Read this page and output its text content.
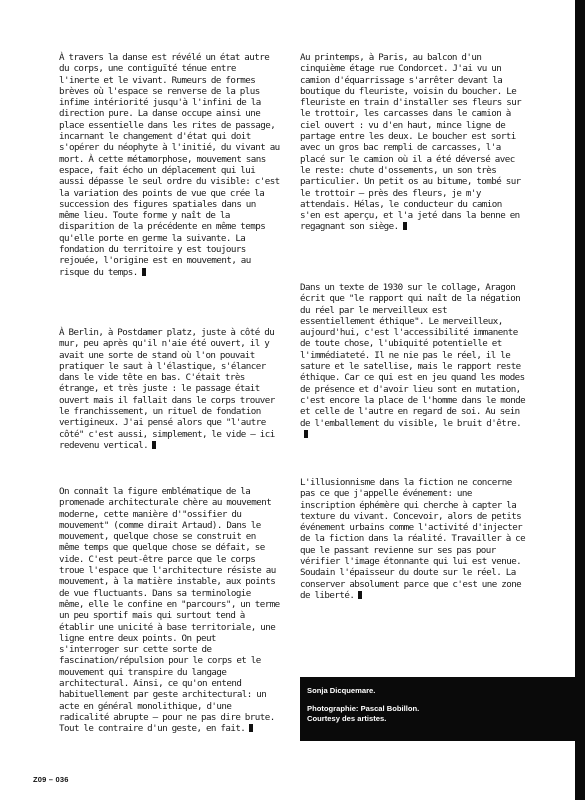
À travers la danse est révélé un état autre du corps, une contiguïté ténue entre l'inerte et le vivant. Rumeurs de formes brèves où l'espace se renverse de la plus infime intériorité jusqu'à l'infini de la direction pure. La danse occupe ainsi une place essentielle dans les rites de passage, incarnant le changement d'état qui doit s'opérer du néophyte à l'initié, du vivant au mort. À cette métamorphose, mouvement sans espace, fait écho un déplacement qui lui aussi dépasse le seul ordre du visible: c'est la variation des points de vue que crée la succession des figures spatiales dans un même lieu. Toute forme y naît de la disparition de la précédente en même temps qu'elle porte en germe la suivante. La fondation du territoire y est toujours rejouée, l'origine est en mouvement, au risque du temps.

À Berlin, à Postdamer platz, juste à côté du mur, peu après qu'il n'aie été ouvert, il y avait une sorte de stand où l'on pouvait pratiquer le saut à l'élastique, s'élancer dans le vide tête en bas. C'était très étrange, et très juste : le passage était ouvert mais il fallait dans le corps trouver le franchissement, un rituel de fondation vertigineux. J'ai pensé alors que "l'autre côté" c'est aussi, simplement, le vide – ici redevenu vertical.

On connaît la figure emblématique de la promenade architecturale chère au mouvement moderne, cette manière d'"ossifier du mouvement" (comme dirait Artaud). Dans le mouvement, quelque chose se construit en même temps que quelque chose se défait, se vide. C'est peut-être parce que le corps troue l'espace que l'architecture résiste au mouvement, à la matière instable, aux points de vue fluctuants. Dans sa terminologie même, elle le confine en "parcours", un terme un peu sportif mais qui surtout tend à établir une unicité à base territoriale, une ligne entre deux points. On peut s'interroger sur cette sorte de fascination/répulsion pour le corps et le mouvement qui transpire du langage architectural. Ainsi, ce qu'on entend habituellement par geste architectural: un acte en général monolithique, d'une radicalité abrupte – pour ne pas dire brute. Tout le contraire d'un geste, en fait.

Au printemps, à Paris, au balcon d'un cinquième étage rue Condorcet. J'ai vu un camion d'équarrissage s'arrêter devant la boutique du fleuriste, voisin du boucher. Le fleuriste en train d'installer ses fleurs sur le trottoir, les carcasses dans le camion à ciel ouvert : vu d'en haut, mince ligne de partage entre les deux. Le boucher est sorti avec un gros bac rempli de carcasses, l'a placé sur le camion où il a été déversé avec le reste: chute d'ossements, un son très particulier. Un petit os au bitume, tombé sur le trottoir – près des fleurs, je m'y attendais. Hélas, le conducteur du camion s'en est aperçu, et l'a jeté dans la benne en regagnant son siège.

Dans un texte de 1930 sur le collage, Aragon écrit que "le rapport qui naît de la négation du réel par le merveilleux est essentiellement éthique". Le merveilleux, aujourd'hui, c'est l'accessibilité immanente de toute chose, l'ubiquité potentielle et l'immédiateté. Il ne nie pas le réel, il le sature et le satellise, mais le rapport reste éthique. Car ce qui est en jeu quand les modes de présence et d'avoir lieu sont en mutation, c'est encore la place de l'homme dans le monde et celle de l'autre en regard de soi. Au sein de l'emballement du visible, le bruit d'être.

L'illusionnisme dans la fiction ne concerne pas ce que j'appelle événement: une inscription éphémère qui cherche à capter la texture du vivant. Concevoir, alors de petits événement urbains comme l'activité d'injecter de la fiction dans la réalité. Travailler à ce que le passant revienne sur ses pas pour vérifier l'image étonnante qui lui est venue. Soudain l'épaisseur du doute sur le réel. La conserver absolument parce que c'est une zone de liberté.

Sonja Dicquemare.
Photographie: Pascal Bobillon.
Courtesy des artistes.
Z09 – 036
